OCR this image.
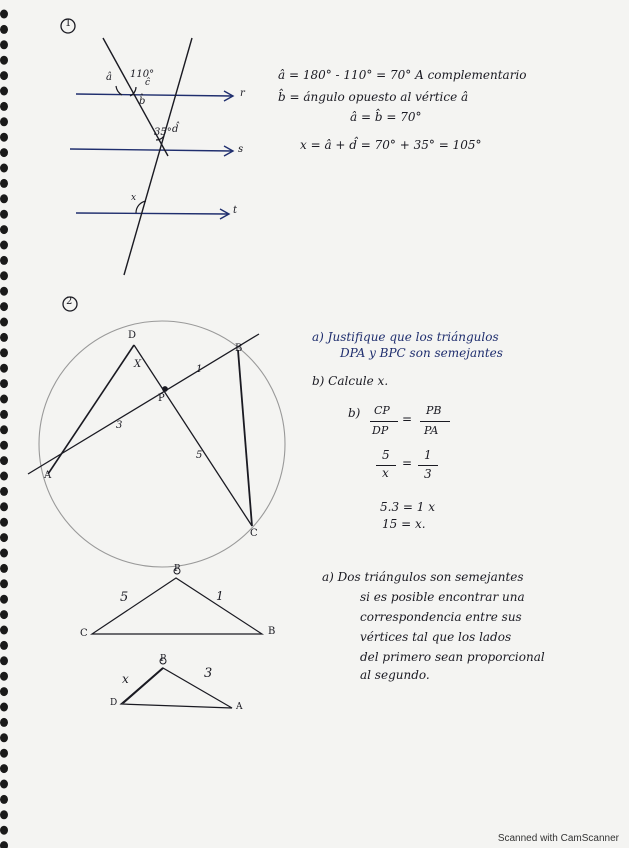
1
â 110°
ĉ
b̂
r
35° d̂
s
x
t
â = 180° - 110° = 70° A complementario
b̂ = ángulo opuesto al vértice â
â = b̂ = 70°
x = â + d̂ = 70° + 35° = 105°
2
D
B
P
A
C
X	1
3
5
a) Justifique que los triángulos
DPA y BPC son semejantes
b) Calcule x.
b) CP
DP
=
PB
PA
5
x
=
1
3
5.3 = 1 x
15 = x.
P
5	1
C	B
P
x	3
D	A
a) Dos triángulos son semejantes
si es posible encontrar una
correspondencia entre sus
vértices tal que los lados
del primero sean proporcional
al segundo.
Scanned with CamScanner
